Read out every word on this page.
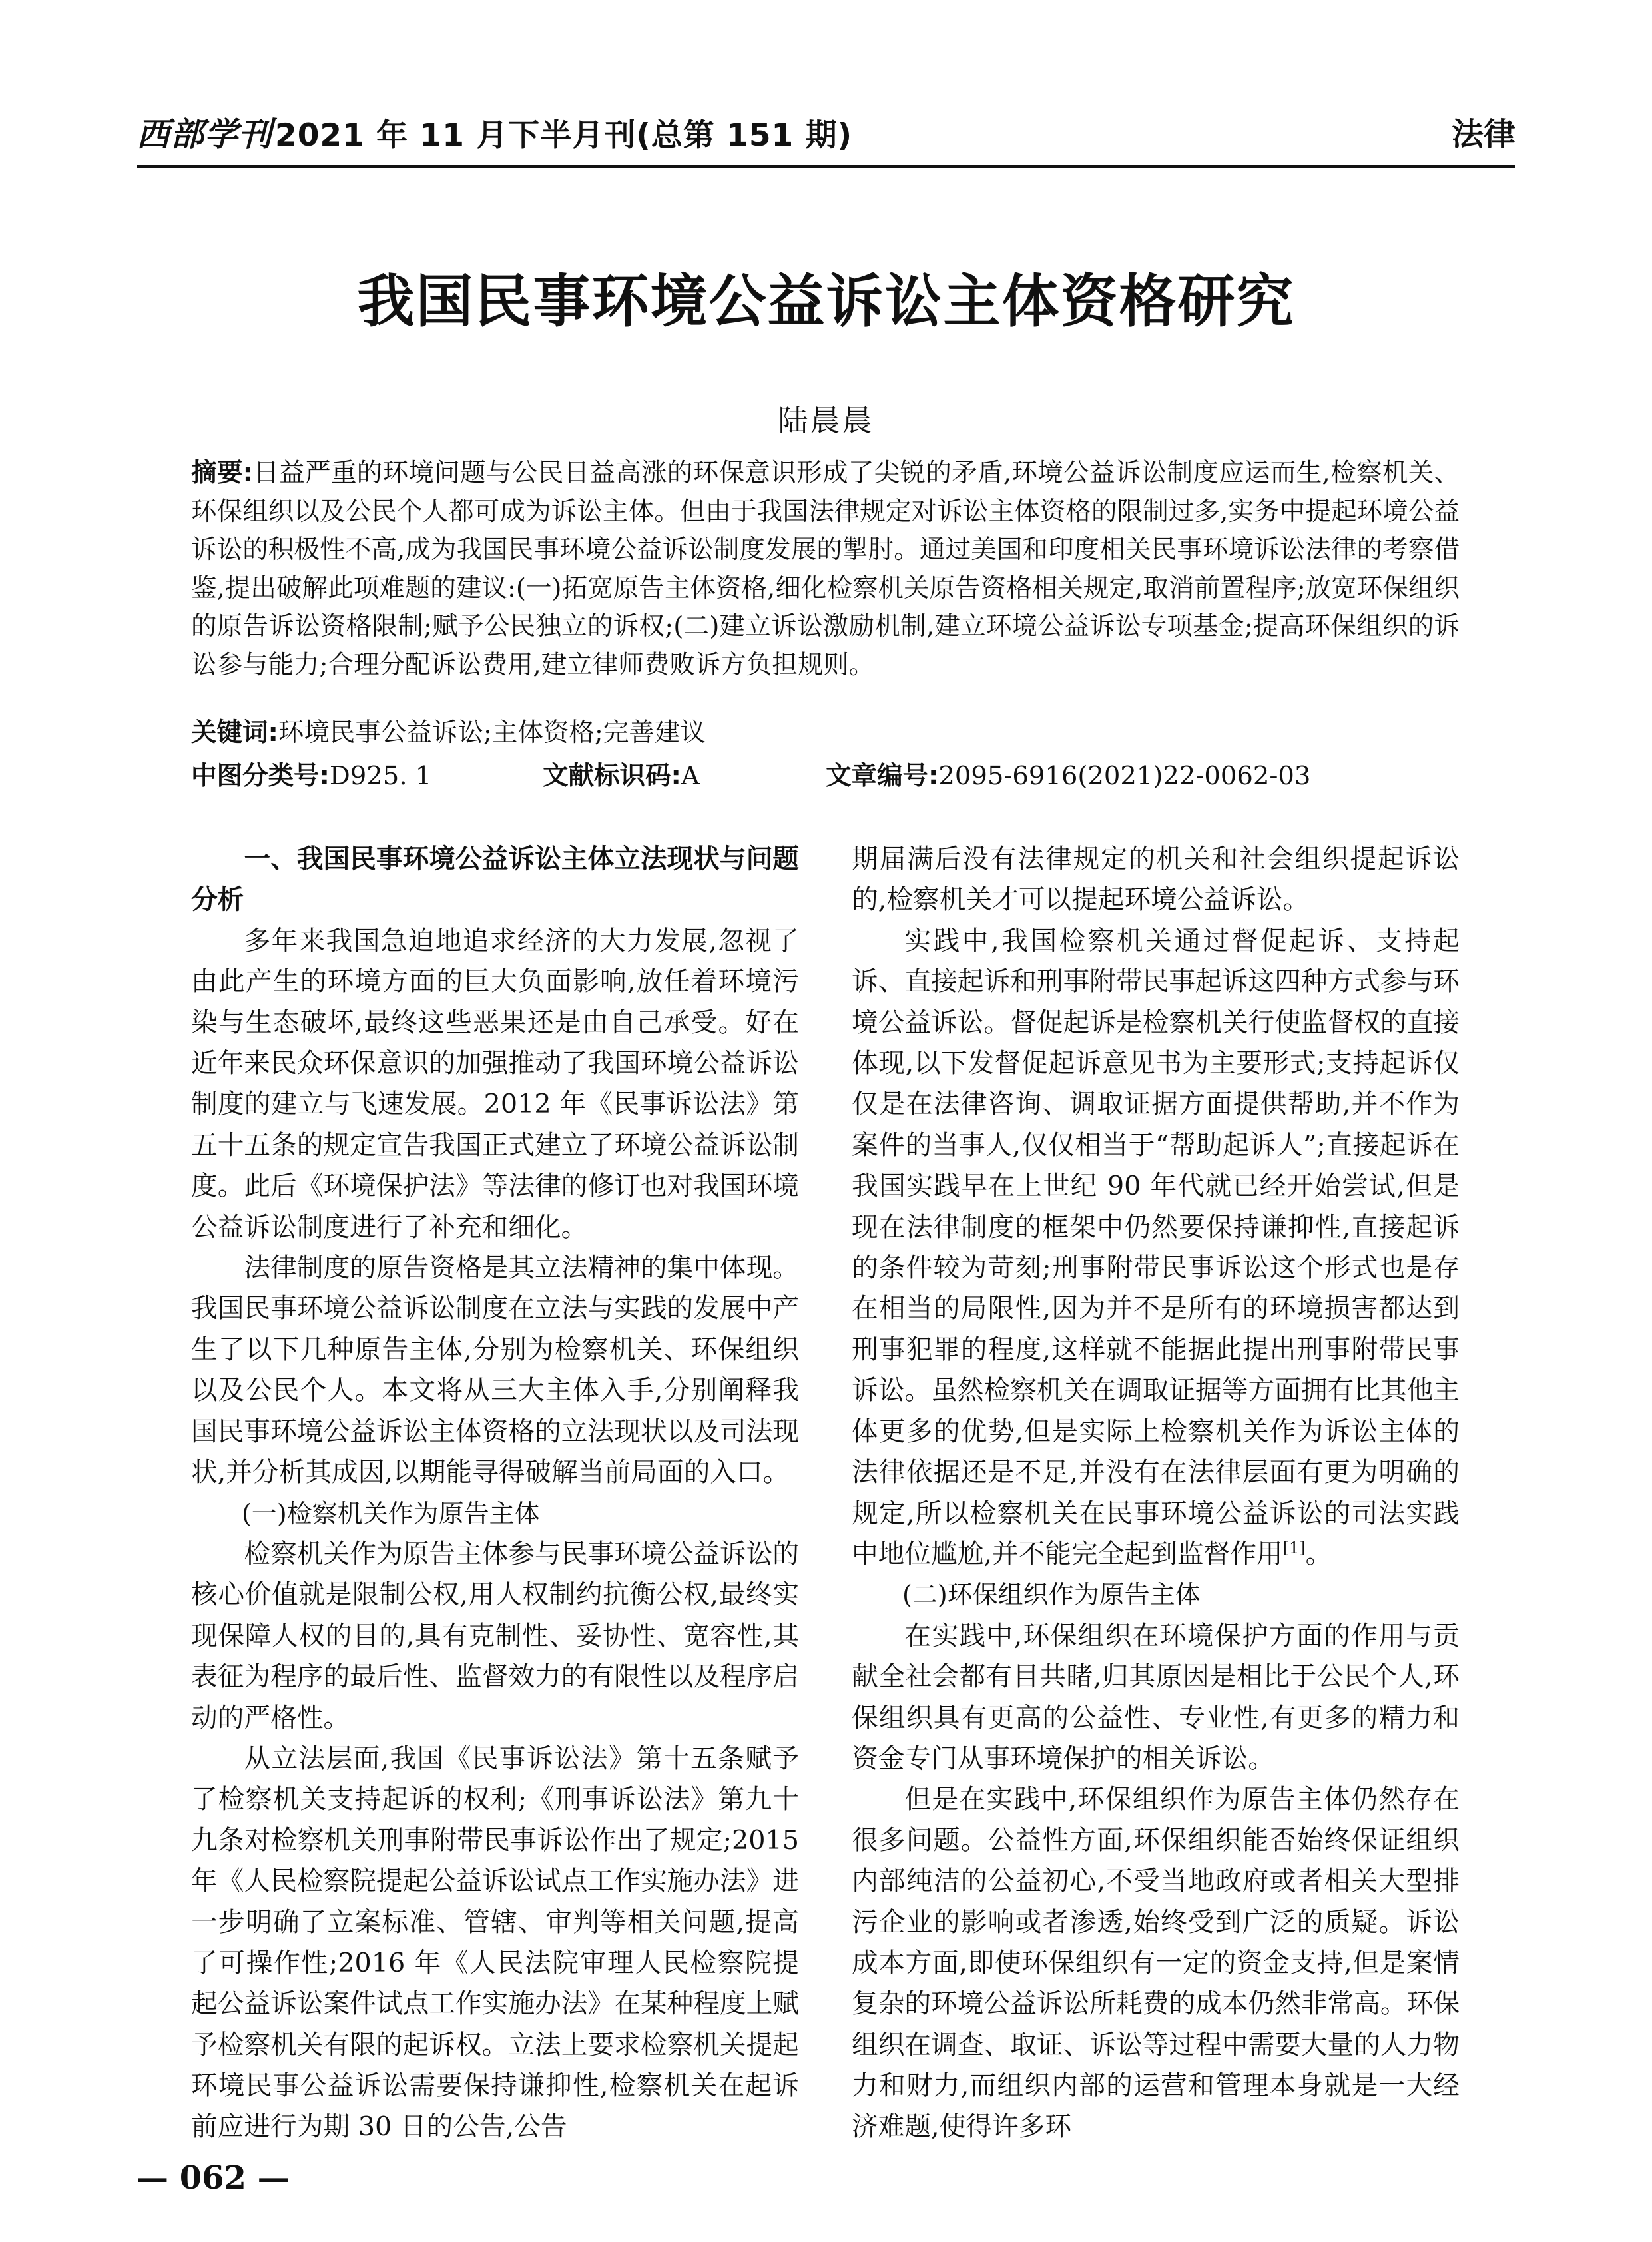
西部学刊2021 年 11 月下半月刊(总第 151 期)	法律
我国民事环境公益诉讼主体资格研究
陆晨晨

摘要:日益严重的环境问题与公民日益高涨的环保意识形成了尖锐的矛盾,环境公益诉讼制度应运而生,检察机关、环保组织以及公民个人都可成为诉讼主体。但由于我国法律规定对诉讼主体资格的限制过多,实务中提起环境公益诉讼的积极性不高,成为我国民事环境公益诉讼制度发展的掣肘。通过美国和印度相关民事环境诉讼法律的考察借鉴,提出破解此项难题的建议:(一)拓宽原告主体资格,细化检察机关原告资格相关规定,取消前置程序;放宽环保组织的原告诉讼资格限制;赋予公民独立的诉权;(二)建立诉讼激励机制,建立环境公益诉讼专项基金;提高环保组织的诉讼参与能力;合理分配诉讼费用,建立律师费败诉方负担规则。

关键词:环境民事公益诉讼;主体资格;完善建议
中图分类号:D925. 1	文献标识码:A	文章编号:2095-6916(2021)22-0062-03
一、我国民事环境公益诉讼主体立法现状与问题分析

多年来我国急迫地追求经济的大力发展,忽视了由此产生的环境方面的巨大负面影响,放任着环境污染与生态破坏,最终这些恶果还是由自己承受。好在近年来民众环保意识的加强推动了我国环境公益诉讼制度的建立与飞速发展。2012 年《民事诉讼法》第五十五条的规定宣告我国正式建立了环境公益诉讼制度。此后《环境保护法》等法律的修订也对我国环境公益诉讼制度进行了补充和细化。

法律制度的原告资格是其立法精神的集中体现。我国民事环境公益诉讼制度在立法与实践的发展中产生了以下几种原告主体,分别为检察机关、环保组织以及公民个人。本文将从三大主体入手,分别阐释我国民事环境公益诉讼主体资格的立法现状以及司法现状,并分析其成因,以期能寻得破解当前局面的入口。

(一)检察机关作为原告主体

检察机关作为原告主体参与民事环境公益诉讼的核心价值就是限制公权,用人权制约抗衡公权,最终实现保障人权的目的,具有克制性、妥协性、宽容性,其表征为程序的最后性、监督效力的有限性以及程序启动的严格性。

从立法层面,我国《民事诉讼法》第十五条赋予了检察机关支持起诉的权利;《刑事诉讼法》第九十九条对检察机关刑事附带民事诉讼作出了规定;2015 年《人民检察院提起公益诉讼试点工作实施办法》进一步明确了立案标准、管辖、审判等相关问题,提高了可操作性;2016 年《人民法院审理人民检察院提起公益诉讼案件试点工作实施办法》在某种程度上赋予检察机关有限的起诉权。立法上要求检察机关提起环境民事公益诉讼需要保持谦抑性,检察机关在起诉前应进行为期 30 日的公告,公告

期届满后没有法律规定的机关和社会组织提起诉讼的,检察机关才可以提起环境公益诉讼。

实践中,我国检察机关通过督促起诉、支持起诉、直接起诉和刑事附带民事起诉这四种方式参与环境公益诉讼。督促起诉是检察机关行使监督权的直接体现,以下发督促起诉意见书为主要形式;支持起诉仅仅是在法律咨询、调取证据方面提供帮助,并不作为案件的当事人,仅仅相当于“帮助起诉人”;直接起诉在我国实践早在上世纪 90 年代就已经开始尝试,但是现在法律制度的框架中仍然要保持谦抑性,直接起诉的条件较为苛刻;刑事附带民事诉讼这个形式也是存在相当的局限性,因为并不是所有的环境损害都达到刑事犯罪的程度,这样就不能据此提出刑事附带民事诉讼。虽然检察机关在调取证据等方面拥有比其他主体更多的优势,但是实际上检察机关作为诉讼主体的法律依据还是不足,并没有在法律层面有更为明确的规定,所以检察机关在民事环境公益诉讼的司法实践中地位尴尬,并不能完全起到监督作用[1]。

(二)环保组织作为原告主体

在实践中,环保组织在环境保护方面的作用与贡献全社会都有目共睹,归其原因是相比于公民个人,环保组织具有更高的公益性、专业性,有更多的精力和资金专门从事环境保护的相关诉讼。

但是在实践中,环保组织作为原告主体仍然存在很多问题。公益性方面,环保组织能否始终保证组织内部纯洁的公益初心,不受当地政府或者相关大型排污企业的影响或者渗透,始终受到广泛的质疑。诉讼成本方面,即使环保组织有一定的资金支持,但是案情复杂的环境公益诉讼所耗费的成本仍然非常高。环保组织在调查、取证、诉讼等过程中需要大量的人力物力和财力,而组织内部的运营和管理本身就是一大经济难题,使得许多环

— 062 —
